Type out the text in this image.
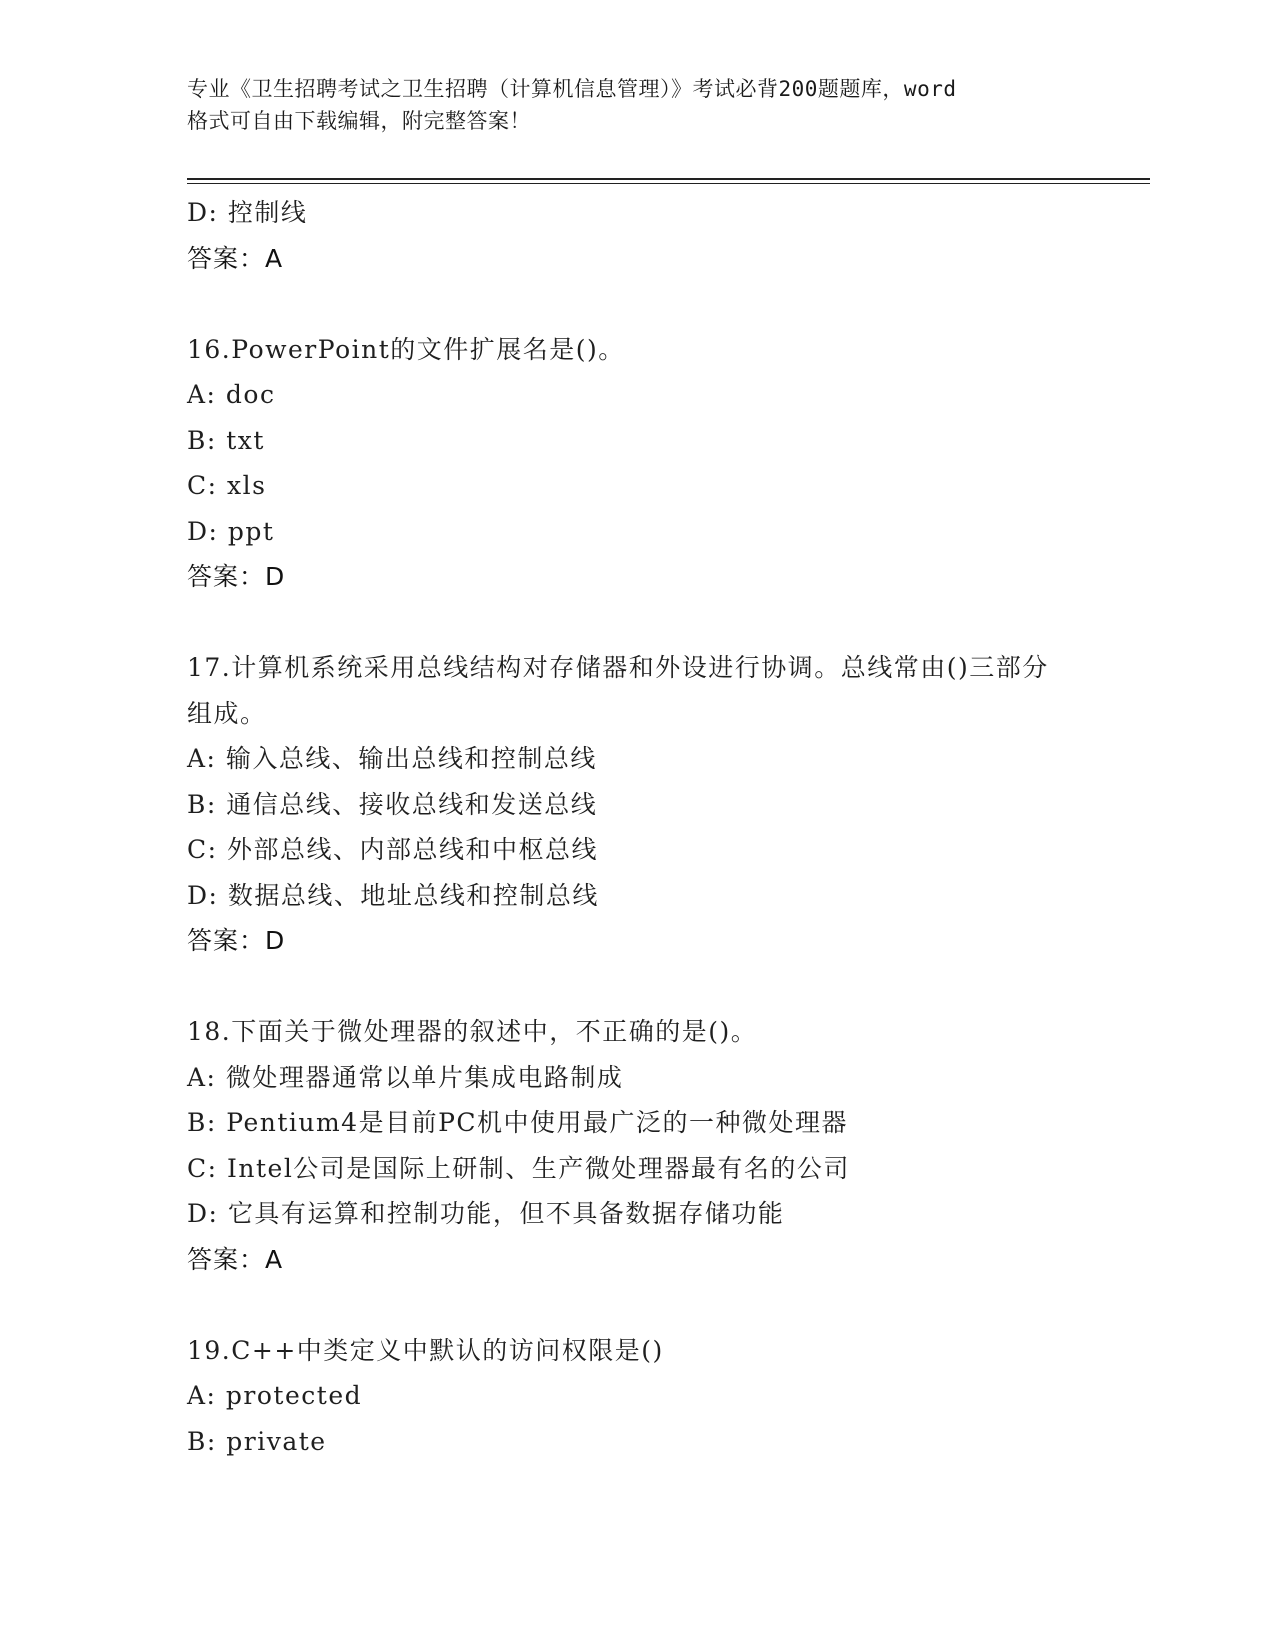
专业《卫生招聘考试之卫生招聘（计算机信息管理）》考试必背200题题库，word
格式可自由下载编辑，附完整答案！
D: 控制线
答案：A
16.PowerPoint的文件扩展名是()。
A: doc
B: txt
C: xls
D: ppt
答案：D
17.计算机系统采用总线结构对存储器和外设进行协调。总线常由()三部分组成。
A: 输入总线、输出总线和控制总线
B: 通信总线、接收总线和发送总线
C: 外部总线、内部总线和中枢总线
D: 数据总线、地址总线和控制总线
答案：D
18.下面关于微处理器的叙述中，不正确的是()。
A: 微处理器通常以单片集成电路制成
B: Pentium4是目前PC机中使用最广泛的一种微处理器
C: Intel公司是国际上研制、生产微处理器最有名的公司
D: 它具有运算和控制功能，但不具备数据存储功能
答案：A
19.C++中类定义中默认的访问权限是()
A: protected
B: private
